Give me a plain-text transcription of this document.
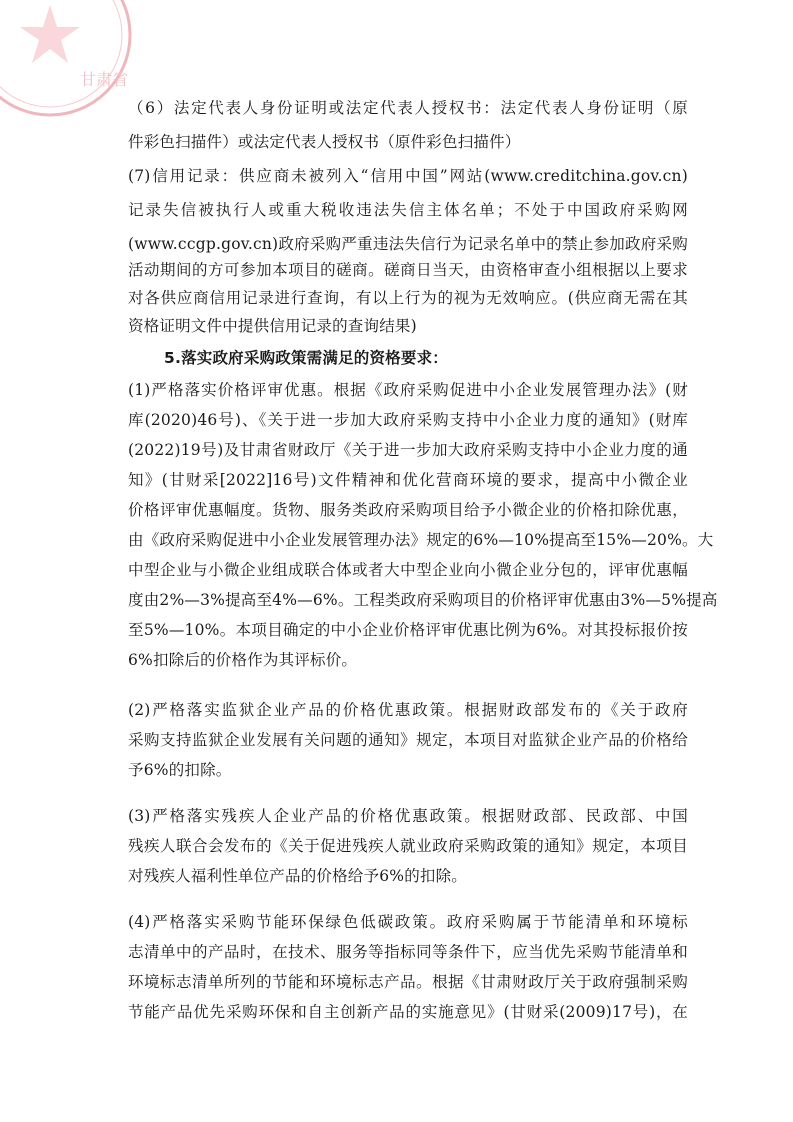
甘肃省
（6）法定代表人身份证明或法定代表人授权书：法定代表人身份证明（原
件彩色扫描件）或法定代表人授权书（原件彩色扫描件）
(7)信用记录：供应商未被列入“信用中国”网站(www.creditchina.gov.cn)
记录失信被执行人或重大税收违法失信主体名单；不处于中国政府采购网
(www.ccgp.gov.cn)政府采购严重违法失信行为记录名单中的禁止参加政府采购
活动期间的方可参加本项目的磋商。磋商日当天，由资格审查小组根据以上要求
对各供应商信用记录进行查询，有以上行为的视为无效响应。(供应商无需在其
资格证明文件中提供信用记录的查询结果)
5.落实政府采购政策需满足的资格要求：
(1)严格落实价格评审优惠。根据《政府采购促进中小企业发展管理办法》(财
库(2020)46号)、《关于进一步加大政府采购支持中小企业力度的通知》(财库
(2022)19号)及甘肃省财政厅《关于进一步加大政府采购支持中小企业力度的通
知》(甘财采[2022]16号)文件精神和优化营商环境的要求，提高中小微企业
价格评审优惠幅度。货物、服务类政府采购项目给予小微企业的价格扣除优惠，
由《政府采购促进中小企业发展管理办法》规定的6%—10%提高至15%—20%。大
中型企业与小微企业组成联合体或者大中型企业向小微企业分包的，评审优惠幅
度由2%—3%提高至4%—6%。工程类政府采购项目的价格评审优惠由3%—5%提高
至5%—10%。本项目确定的中小企业价格评审优惠比例为6%。对其投标报价按
6%扣除后的价格作为其评标价。
(2)严格落实监狱企业产品的价格优惠政策。根据财政部发布的《关于政府
采购支持监狱企业发展有关问题的通知》规定，本项目对监狱企业产品的价格给
予6%的扣除。
(3)严格落实残疾人企业产品的价格优惠政策。根据财政部、民政部、中国
残疾人联合会发布的《关于促进残疾人就业政府采购政策的通知》规定，本项目
对残疾人福利性单位产品的价格给予6%的扣除。
(4)严格落实采购节能环保绿色低碳政策。政府采购属于节能清单和环境标
志清单中的产品时，在技术、服务等指标同等条件下，应当优先采购节能清单和
环境标志清单所列的节能和环境标志产品。根据《甘肃财政厅关于政府强制采购
节能产品优先采购环保和自主创新产品的实施意见》(甘财采(2009)17号)，在
